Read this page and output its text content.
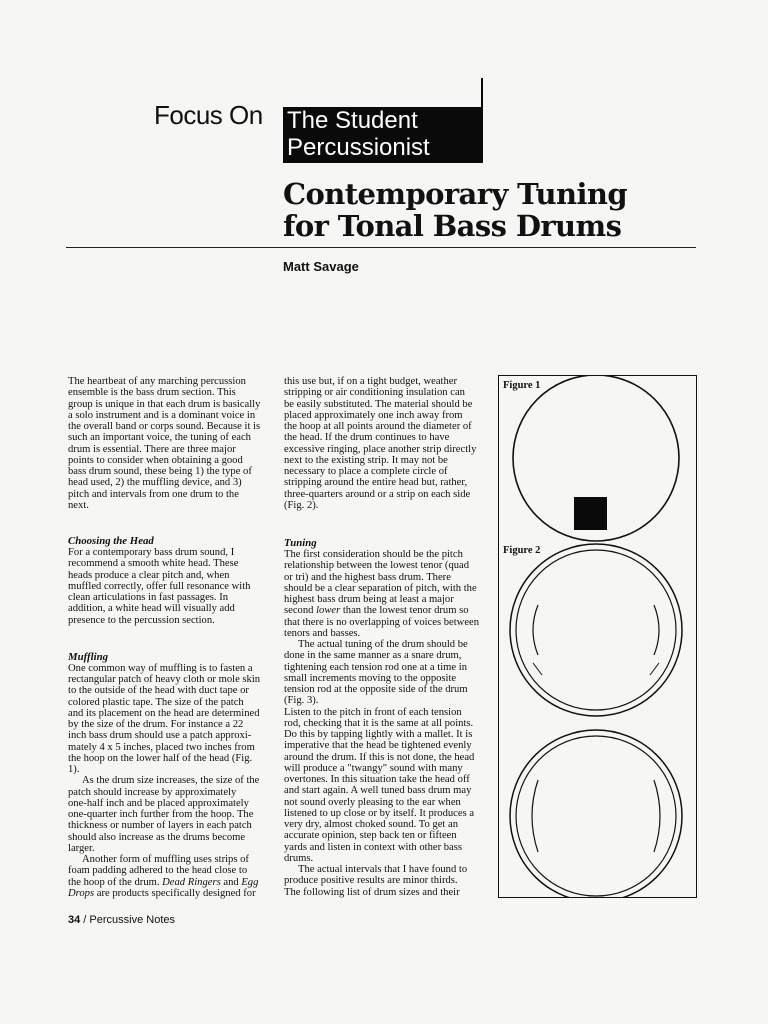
Focus On The Student
Percussionist
Contemporary Tuning
for Tonal Bass Drums
Matt Savage

The heartbeat of any marching percussion
ensemble is the bass drum section. This
group is unique in that each drum is basically
a solo instrument and is a dominant voice in
the overall band or corps sound. Because it is
such an important voice, the tuning of each
drum is essential. There are three major
points to consider when obtaining a good
bass drum sound, these being 1) the type of
head used, 2) the muffling device, and 3)
pitch and intervals from one drum to the
next.

Choosing the Head

For a contemporary bass drum sound, I
recommend a smooth white head. These
heads produce a clear pitch and, when
muffled correctly, offer full resonance with
clean articulations in fast passages. In
addition, a white head will visually add
presence to the percussion section.

Muffling

One common way of muffling is to fasten a
rectangular patch of heavy cloth or mole skin
to the outside of the head with duct tape or
colored plastic tape. The size of the patch
and its placement on the head are determined
by the size of the drum. For instance a 22
inch bass drum should use a patch approxi-
mately 4 x 5 inches, placed two inches from
the hoop on the lower half of the head (Fig.
1).

As the drum size increases, the size of the
patch should increase by approximately
one-half inch and be placed approximately
one-quarter inch further from the hoop. The
thickness or number of layers in each patch
should also increase as the drums become
larger.

Another form of muffling uses strips of
foam padding adhered to the head close to
the hoop of the drum. Dead Ringers and Egg
Drops are products specifically designed for

this use but, if on a tight budget, weather
stripping or air conditioning insulation can
be easily substituted. The material should be
placed approximately one inch away from
the hoop at all points around the diameter of
the head. If the drum continues to have
excessive ringing, place another strip directly
next to the existing strip. It may not be
necessary to place a complete circle of
stripping around the entire head but, rather,
three-quarters around or a strip on each side
(Fig. 2).

Tuning

The first consideration should be the pitch
relationship between the lowest tenor (quad
or tri) and the highest bass drum. There
should be a clear separation of pitch, with the
highest bass drum being at least a major
second lower than the lowest tenor drum so
that there is no overlapping of voices between
tenors and basses.

The actual tuning of the drum should be
done in the same manner as a snare drum,
tightening each tension rod one at a time in
small increments moving to the opposite
tension rod at the opposite side of the drum
(Fig. 3).

Listen to the pitch in front of each tension
rod, checking that it is the same at all points.
Do this by tapping lightly with a mallet. It is
imperative that the head be tightened evenly
around the drum. If this is not done, the head
will produce a "twangy" sound with many
overtones. In this situation take the head off
and start again. A well tuned bass drum may
not sound overly pleasing to the ear when
listened to up close or by itself. It produces a
very dry, almost choked sound. To get an
accurate opinion, step back ten or fifteen
yards and listen in context with other bass
drums.

The actual intervals that I have found to
produce positive results are minor thirds.
The following list of drum sizes and their

Figure 1
Figure 2
34 / Percussive Notes
